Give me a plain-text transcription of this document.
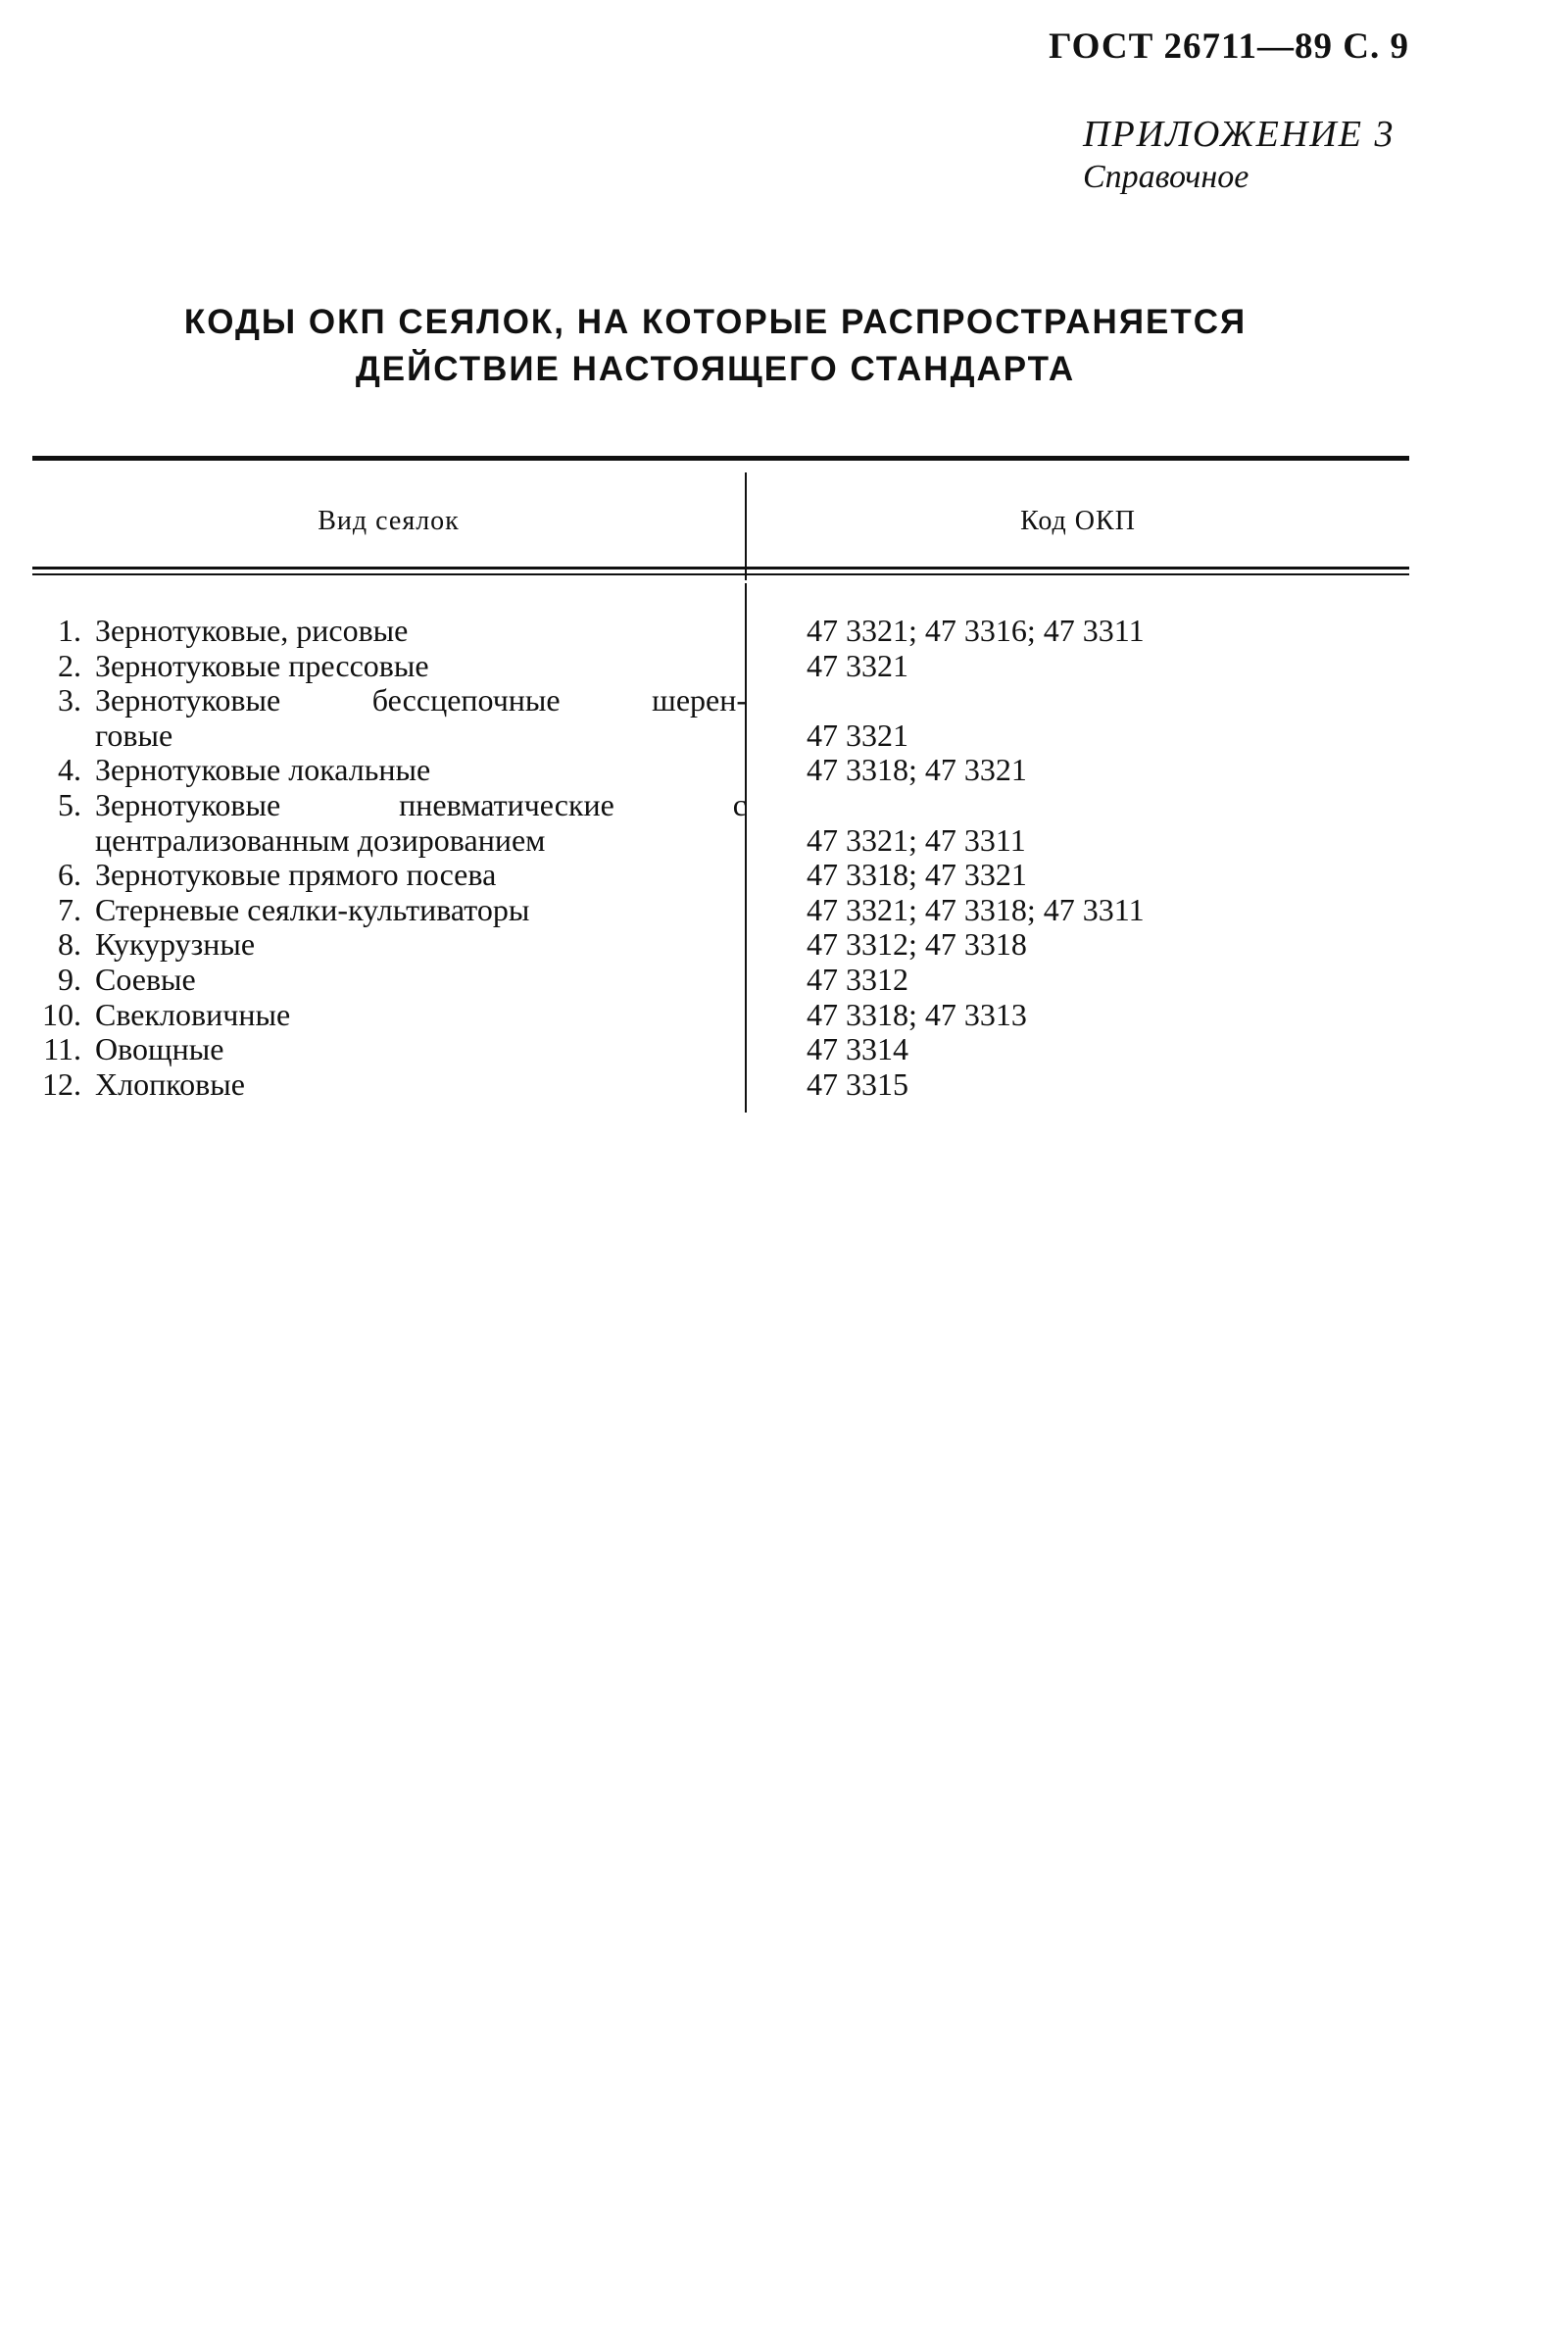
ГОСТ 26711—89 С. 9
ПРИЛОЖЕНИЕ 3
Справочное
КОДЫ ОКП СЕЯЛОК, НА КОТОРЫЕ РАСПРОСТРАНЯЕТСЯ
ДЕЙСТВИЕ НАСТОЯЩЕГО СТАНДАРТА
Вид сеялок	Код ОКП
1. Зернотуковые, рисовые	47 3321; 47 3316; 47 3311
2. Зернотуковые прессовые	47 3321
3. Зернотуковые бессцепочные шерен-
говые	47 3321
4. Зернотуковые локальные	47 3318; 47 3321
5. Зернотуковые пневматические с
централизованным дозированием	47 3321; 47 3311
6. Зернотуковые прямого посева	47 3318; 47 3321
7. Стерневые сеялки-культиваторы	47 3321; 47 3318; 47 3311
8. Кукурузные	47 3312; 47 3318
9. Соевые	47 3312
10. Свекловичные	47 3318; 47 3313
11. Овощные	47 3314
12. Хлопковые	47 3315
